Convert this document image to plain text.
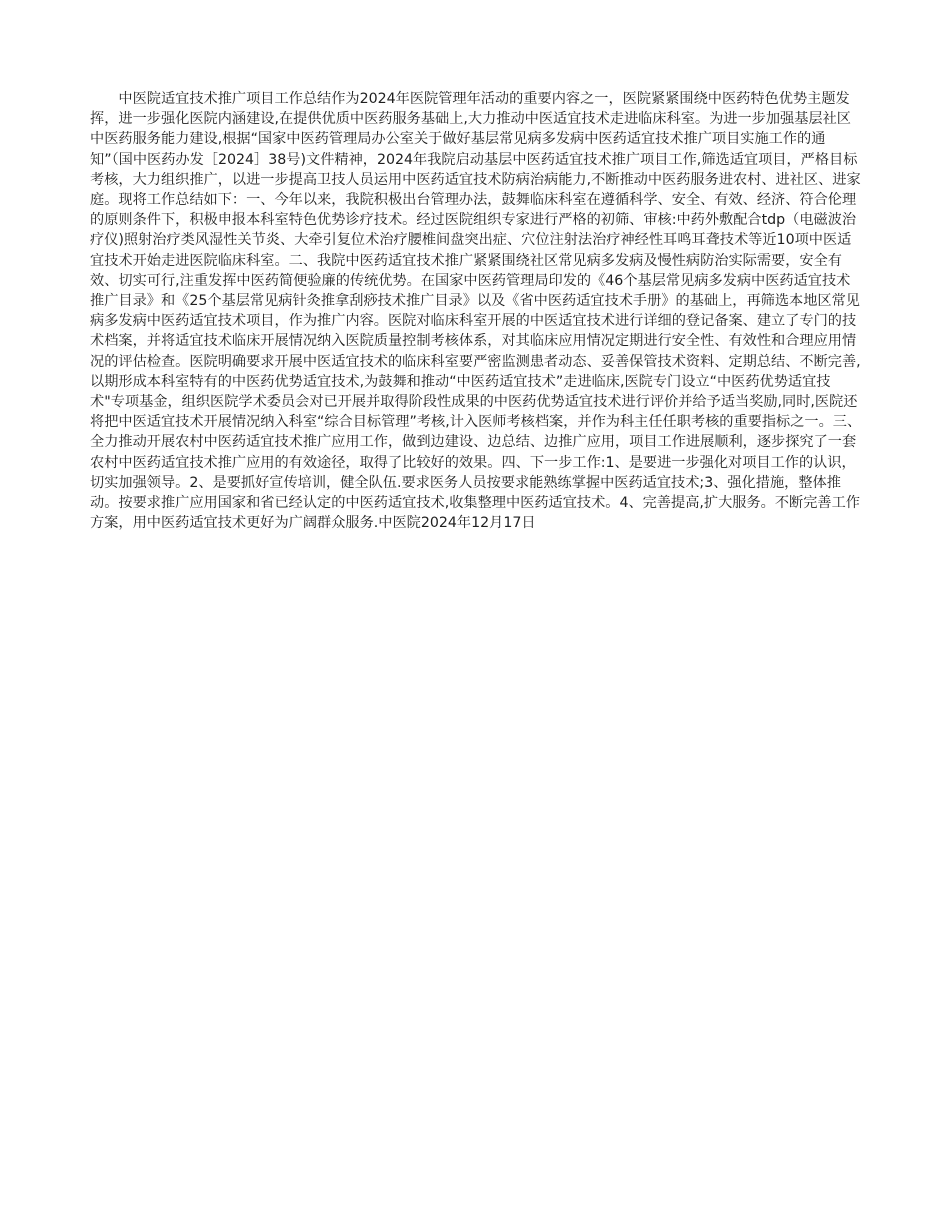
中医院适宜技术推广项目工作总结作为2024年医院管理年活动的重要内容之一，医院紧紧围绕中医药特色优势主题发挥，进一步强化医院内涵建设,在提供优质中医药服务基础上,大力推动中医适宜技术走进临床科室。为进一步加强基层社区中医药服务能力建设,根据“国家中医药管理局办公室关于做好基层常见病多发病中医药适宜技术推广项目实施工作的通知”（国中医药办发［2024］38号)文件精神，2024年我院启动基层中医药适宜技术推广项目工作,筛选适宜项目，严格目标考核，大力组织推广，以进一步提高卫技人员运用中医药适宜技术防病治病能力,不断推动中医药服务进农村、进社区、进家庭。现将工作总结如下：一、今年以来，我院积极出台管理办法，鼓舞临床科室在遵循科学、安全、有效、经济、符合伦理的原则条件下，积极申报本科室特色优势诊疗技术。经过医院组织专家进行严格的初筛、审核:中药外敷配合tdp（电磁波治疗仪)照射治疗类风湿性关节炎、大牵引复位术治疗腰椎间盘突出症、穴位注射法治疗神经性耳鸣耳聋技术等近10项中医适宜技术开始走进医院临床科室。二、我院中医药适宜技术推广紧紧围绕社区常见病多发病及慢性病防治实际需要，安全有效、切实可行,注重发挥中医药简便验廉的传统优势。在国家中医药管理局印发的《46个基层常见病多发病中医药适宜技术推广目录》和《25个基层常见病针灸推拿刮痧技术推广目录》以及《省中医药适宜技术手册》的基础上，再筛选本地区常见病多发病中医药适宜技术项目，作为推广内容。医院对临床科室开展的中医适宜技术进行详细的登记备案、建立了专门的技术档案，并将适宜技术临床开展情况纳入医院质量控制考核体系，对其临床应用情况定期进行安全性、有效性和合理应用情况的评估检查。医院明确要求开展中医适宜技术的临床科室要严密监测患者动态、妥善保管技术资料、定期总结、不断完善,以期形成本科室特有的中医药优势适宜技术,为鼓舞和推动“中医药适宜技术”走进临床,医院专门设立“中医药优势适宜技术"专项基金，组织医院学术委员会对已开展并取得阶段性成果的中医药优势适宜技术进行评价并给予适当奖励,同时,医院还将把中医适宜技术开展情况纳入科室“综合目标管理”考核,计入医师考核档案，并作为科主任任职考核的重要指标之一。三、全力推动开展农村中医药适宜技术推广应用工作，做到边建设、边总结、边推广应用，项目工作进展顺利，逐步探究了一套农村中医药适宜技术推广应用的有效途径，取得了比较好的效果。四、下一步工作:1、是要进一步强化对项目工作的认识，切实加强领导。2、是要抓好宣传培训，健全队伍.要求医务人员按要求能熟练掌握中医药适宜技术;3、强化措施，整体推动。按要求推广应用国家和省已经认定的中医药适宜技术,收集整理中医药适宜技术。4、完善提高,扩大服务。不断完善工作方案，用中医药适宜技术更好为广阔群众服务.中医院2024年12月17日
